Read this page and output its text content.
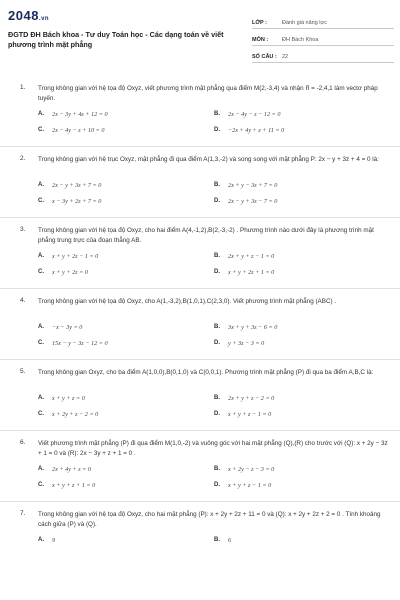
2048.vn
ĐGTD ĐH Bách khoa - Tư duy Toán học - Các dạng toán về viết phương trình mặt phẳng
LỚP :	Đánh giá năng lực
MÔN :	ĐH Bách Khoa
SỐ CÂU : 22
1. Trong không gian với hệ tọa độ Oxyz, viết phương trình mặt phẳng qua điểm M(2,-3,4) và nhận n⃗ = -2,4,1 làm vectơ pháp tuyến.
A.	2x − 3y + 4z + 12 = 0	B.	2x − 4y − z − 12 = 0
C.	2x − 4y − z + 10 = 0	D.	−2x + 4y + z + 11 = 0
2. Trong không gian với hệ trục Oxyz, mặt phẳng đi qua điểm A(1,3,-2) và song song với mặt phẳng P: 2x − y + 3z + 4 = 0 là:
A.	2x − y + 3z + 7 = 0	B.	2x + y − 3z + 7 = 0
C.	x − 3y + 2z + 7 = 0	D.	2x − y + 3z − 7 = 0
3. Trong không gian với hệ tọa độ Oxyz, cho hai điểm A(4,-1,2),B(2,-3,-2) . Phương trình nào dưới đây là phương trình mặt phẳng trung trực của đoạn thẳng AB.
A.	x + y + 2z − 1 = 0	B.	2x + y + z − 1 = 0
C.	x + y + 2z = 0	D.	x + y + 2z + 1 = 0
4. Trong không gian với hệ tọa độ Oxyz, cho A(1,-3,2),B(1,0,1),C(2,3,0). Viết phương trình mặt phẳng (ABC) .
A.	−x − 3y = 0	B.	3x + y + 3z − 6 = 0
C.	15x − y − 3z − 12 = 0	D.	y + 3z − 3 = 0
5. Trong không gian Oxyz, cho ba điểm A(1,0,0),B(0,1,0) và C(0,0,1). Phương trình mặt phẳng (P) đi qua ba điểm A,B,C là:
A.	x + y + z = 0	B.	2x + y + z − 2 = 0
C.	x + 2y + z − 2 = 0	D.	x + y + z − 1 = 0
6. Viết phương trình mặt phẳng (P) đi qua điểm M(1,0,-2) và vuông góc với hai mặt phẳng (Q),(R) cho trước với (Q): x + 2y − 3z + 1 = 0 và (R): 2x − 3y + z + 1 = 0 .
A.	2x + 4y + z = 0	B.	x + 2y − z − 3 = 0
C.	x + y + z + 1 = 0	D.	x + y + z − 1 = 0
7. Trong không gian với hệ tọa độ Oxyz, cho hai mặt phẳng (P): x + 2y + 2z + 11 = 0 và (Q): x + 2y + 2z + 2 = 0 . Tính khoảng cách giữa (P) và (Q).
A.	9	B.	6
